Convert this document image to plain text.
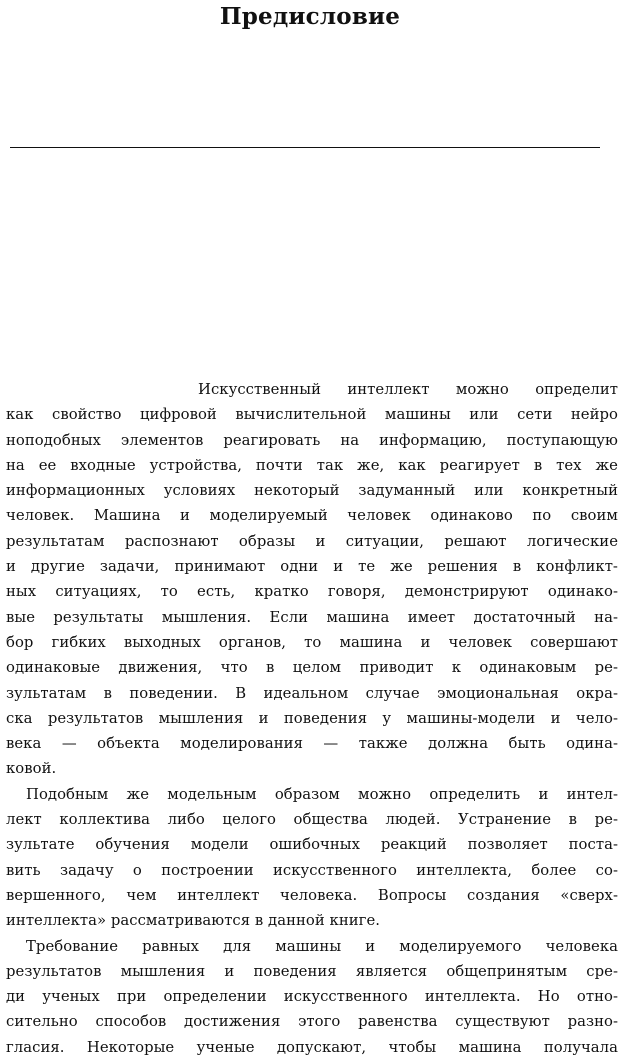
Предисловие
Искусственный интеллект можно определит
как свойство цифровой вычислительной машины или сети нейро
ноподобных элементов реагировать на информацию, поступающую
на ее входные устройства, почти так же, как реагирует в тех же
информационных условиях некоторый задуманный или конкретный
человек. Машина и моделируемый человек одинаково по своим
результатам распознают образы и ситуации, решают логические
и другие задачи, принимают одни и те же решения в конфликт-
ных ситуациях, то есть, кратко говоря, демонстрируют одинако-
вые результаты мышления. Если машина имеет достаточный на-
бор гибких выходных органов, то машина и человек совершают
одинаковые движения, что в целом приводит к одинаковым ре-
зультатам в поведении. В идеальном случае эмоциональная окра-
ска результатов мышления и поведения у машины-модели и чело-
века — объекта моделирования — также должна быть одина-
ковой.
Подобным же модельным образом можно определить и интел-
лект коллектива либо целого общества людей. Устранение в ре-
зультате обучения модели ошибочных реакций позволяет поста-
вить задачу о построении искусственного интеллекта, более со-
вершенного, чем интеллект человека. Вопросы создания «сверх-
интеллекта» рассматриваются в данной книге.
Требование равных для машины и моделируемого человека
результатов мышления и поведения является общепринятым сре-
ди ученых при определении искусственного интеллекта. Но отно-
сительно способов достижения этого равенства существуют разно-
гласия. Некоторые ученые допускают, чтобы машина получала
